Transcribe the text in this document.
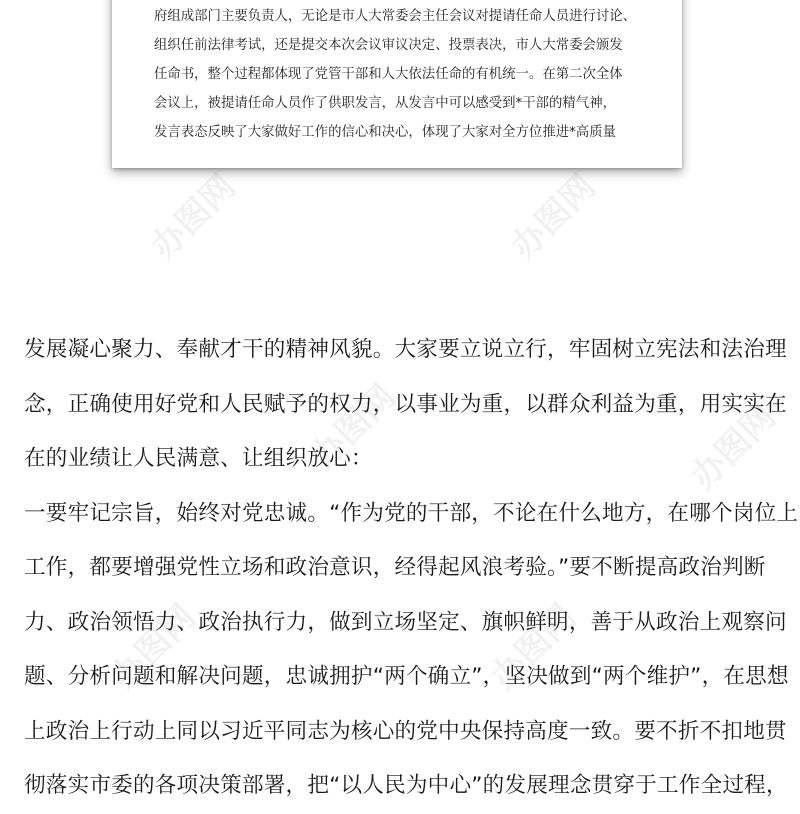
办图网	办图网
办图网
办图网	办图网
办图网
府组成部门主要负责人，无论是市人大常委会主任会议对提请任命人员进行讨论、
组织任前法律考试，还是提交本次会议审议决定、投票表决，市人大常委会颁发
任命书，整个过程都体现了党管干部和人大依法任命的有机统一。在第二次全体
会议上，被提请任命人员作了供职发言，从发言中可以感受到*干部的精气神，
发言表态反映了大家做好工作的信心和决心，体现了大家对全方位推进*高质量
发展凝心聚力、奉献才干的精神风貌。大家要立说立行，牢固树立宪法和法治理
念，正确使用好党和人民赋予的权力，以事业为重，以群众利益为重，用实实在
在的业绩让人民满意、让组织放心：
一要牢记宗旨，始终对党忠诚。“作为党的干部，不论在什么地方，在哪个岗位上
工作，都要增强党性立场和政治意识，经得起风浪考验。”要不断提高政治判断
力、政治领悟力、政治执行力，做到立场坚定、旗帜鲜明，善于从政治上观察问
题、分析问题和解决问题，忠诚拥护“两个确立”，坚决做到“两个维护”，在思想
上政治上行动上同以习近平同志为核心的党中央保持高度一致。要不折不扣地贯
彻落实市委的各项决策部署，把“以人民为中心”的发展理念贯穿于工作全过程，
